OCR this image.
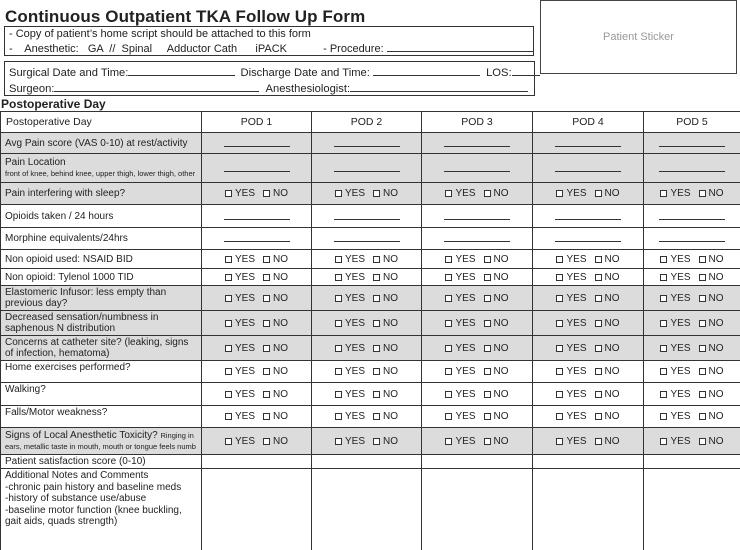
Continuous Outpatient TKA Follow Up Form
Patient Sticker
- Copy of patient’s home script should be attached to this form
-    Anesthetic:   GA  //  Spinal     Adductor Cath      iPACK	- Procedure:
Surgical Date and Time:	Discharge Date and Time:	LOS:
Surgeon:	Anesthesiologist:
Postoperative Day
Postoperative Day	POD 1	POD 2	POD 3	POD 4	POD 5
Avg Pain score (VAS 0-10) at rest/activity					
Pain Location
front of knee, behind knee, upper thigh, lower thigh, other					
Pain interfering with sleep?	YES NO	YES NO	YES NO	YES NO	YES NO
Opioids taken / 24 hours					
Morphine equivalents/24hrs					
Non opioid used: NSAID BID	YES NO	YES NO	YES NO	YES NO	YES NO
Non opioid: Tylenol 1000 TID	YES NO	YES NO	YES NO	YES NO	YES NO
Elastomeric Infusor: less empty than previous day?	YES NO	YES NO	YES NO	YES NO	YES NO
Decreased sensation/numbness in saphenous N distribution	YES NO	YES NO	YES NO	YES NO	YES NO
Concerns at catheter site? (leaking, signs of infection, hematoma)	YES NO	YES NO	YES NO	YES NO	YES NO
Home exercises performed?	YES NO	YES NO	YES NO	YES NO	YES NO
Walking?	YES NO	YES NO	YES NO	YES NO	YES NO
Falls/Motor weakness?	YES NO	YES NO	YES NO	YES NO	YES NO
Signs of Local Anesthetic Toxicity? Ringing in ears, metallic taste in mouth, mouth or tongue feels numb	YES NO	YES NO	YES NO	YES NO	YES NO
Patient satisfaction score (0-10)					
Additional Notes and Comments
-chronic pain history and baseline meds
-history of substance use/abuse
-baseline motor function (knee buckling, gait aids, quads strength)					
